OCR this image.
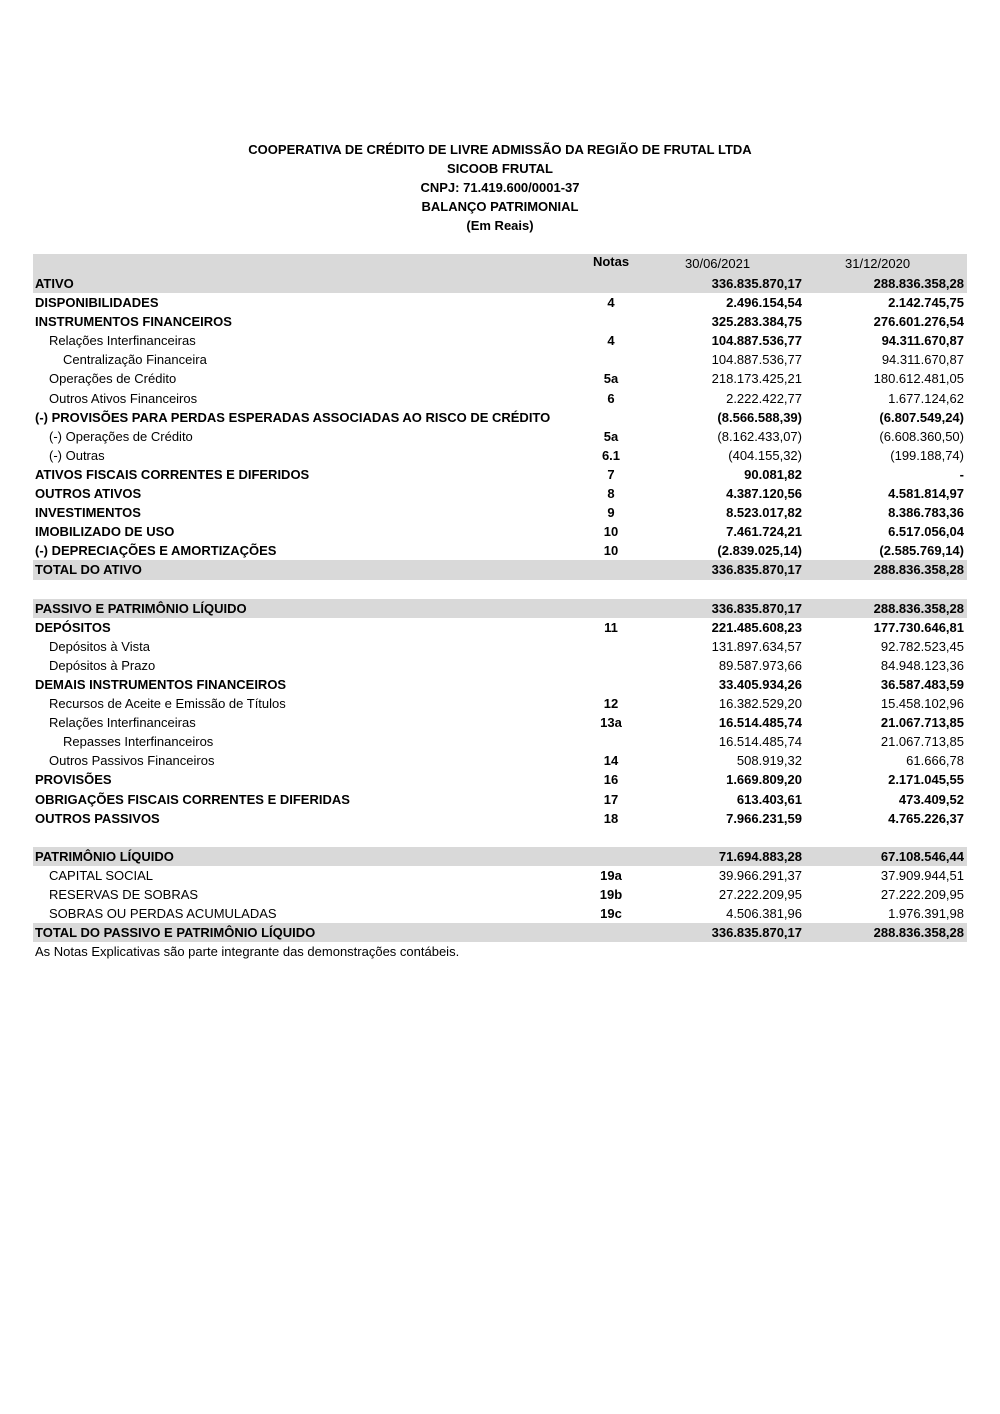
COOPERATIVA DE CRÉDITO DE LIVRE ADMISSÃO DA REGIÃO DE FRUTAL LTDA
SICOOB FRUTAL
CNPJ: 71.419.600/0001-37
BALANÇO PATRIMONIAL
(Em Reais)
Notas	30/06/2021	31/12/2020
ATIVO	336.835.870,17	288.836.358,28
DISPONIBILIDADES	4	2.496.154,54	2.142.745,75
INSTRUMENTOS FINANCEIROS	325.283.384,75	276.601.276,54
Relações Interfinanceiras	4	104.887.536,77	94.311.670,87
Centralização Financeira	104.887.536,77	94.311.670,87
Operações de Crédito	5a	218.173.425,21	180.612.481,05
Outros Ativos Financeiros	6	2.222.422,77	1.677.124,62
(-) PROVISÕES PARA PERDAS ESPERADAS ASSOCIADAS AO RISCO DE CRÉDITO	(8.566.588,39)	(6.807.549,24)
(-) Operações de Crédito	5a	(8.162.433,07)	(6.608.360,50)
(-) Outras	6.1	(404.155,32)	(199.188,74)
ATIVOS FISCAIS CORRENTES E DIFERIDOS	7	90.081,82	-
OUTROS ATIVOS	8	4.387.120,56	4.581.814,97
INVESTIMENTOS	9	8.523.017,82	8.386.783,36
IMOBILIZADO DE USO	10	7.461.724,21	6.517.056,04
(-) DEPRECIAÇÕES E AMORTIZAÇÕES	10	(2.839.025,14)	(2.585.769,14)
TOTAL DO ATIVO	336.835.870,17	288.836.358,28
PASSIVO E PATRIMÔNIO LÍQUIDO	336.835.870,17	288.836.358,28
DEPÓSITOS	11	221.485.608,23	177.730.646,81
Depósitos à Vista	131.897.634,57	92.782.523,45
Depósitos à Prazo	89.587.973,66	84.948.123,36
DEMAIS INSTRUMENTOS FINANCEIROS	33.405.934,26	36.587.483,59
Recursos de Aceite e Emissão de Títulos	12	16.382.529,20	15.458.102,96
Relações Interfinanceiras	13a	16.514.485,74	21.067.713,85
Repasses Interfinanceiros	16.514.485,74	21.067.713,85
Outros Passivos Financeiros	14	508.919,32	61.666,78
PROVISÕES	16	1.669.809,20	2.171.045,55
OBRIGAÇÕES FISCAIS CORRENTES E DIFERIDAS	17	613.403,61	473.409,52
OUTROS PASSIVOS	18	7.966.231,59	4.765.226,37
PATRIMÔNIO LÍQUIDO	71.694.883,28	67.108.546,44
CAPITAL SOCIAL	19a	39.966.291,37	37.909.944,51
RESERVAS DE SOBRAS	19b	27.222.209,95	27.222.209,95
SOBRAS OU PERDAS ACUMULADAS	19c	4.506.381,96	1.976.391,98
TOTAL DO PASSIVO E PATRIMÔNIO LÍQUIDO	336.835.870,17	288.836.358,28
As Notas Explicativas são parte integrante das demonstrações contábeis.
